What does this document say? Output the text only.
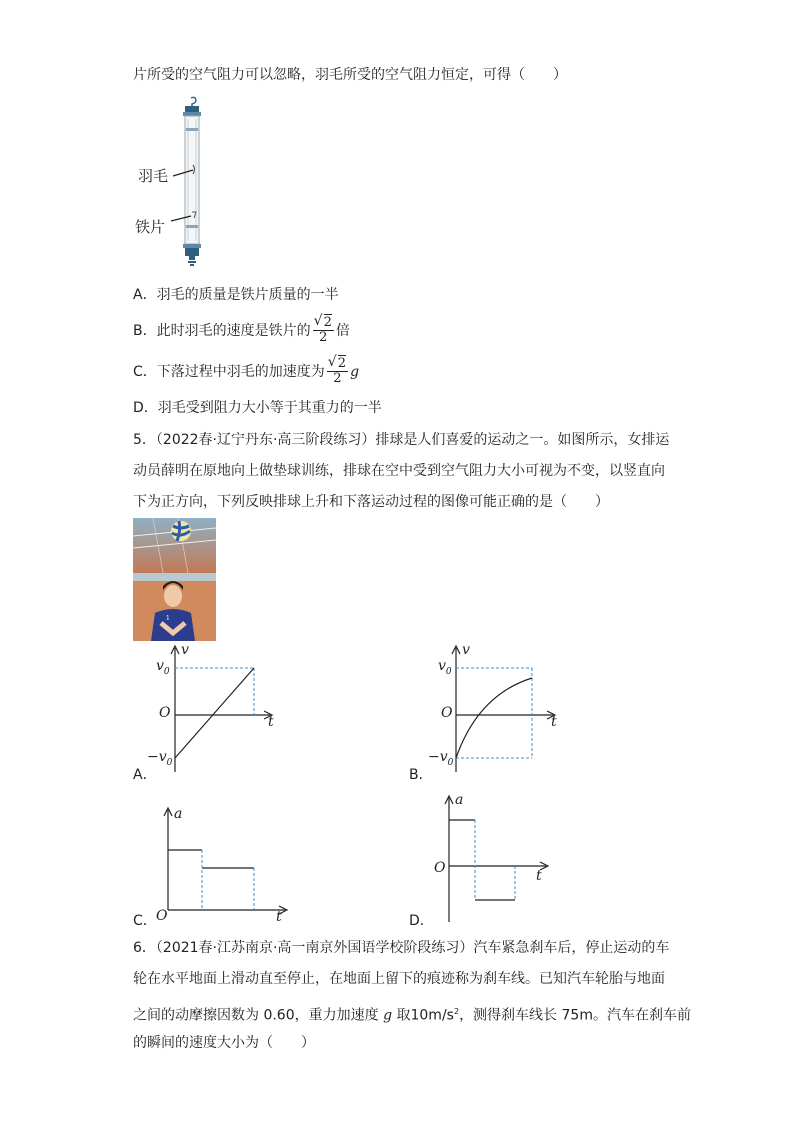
片所受的空气阻力可以忽略，羽毛所受的空气阻力恒定，可得（　　）
羽毛
铁片
A．羽毛的质量是铁片质量的一半
B．此时羽毛的速度是铁片的 √ $\frac{2}{2}$ 倍
C．下落过程中羽毛的加速度为 √ $\frac{2}{2}$ g
D．羽毛受到阻力大小等于其重力的一半
5．（2022春·辽宁丹东·高三阶段练习）排球是人们喜爱的运动之一。如图所示，女排运
动员薛明在原地向上做垫球训练，排球在空中受到空气阻力大小可视为不变，以竖直向
下为正方向，下列反映排球上升和下落运动过程的图像可能正确的是（　　）
1
v
$v_0$
O
t
$-v_0$
A．
v
$v_0$
O
t
$-v_0$
B．
a
O	t
C．
a
O	t
D．
6．（2021春·江苏南京·高一南京外国语学校阶段练习）汽车紧急刹车后，停止运动的车
轮在水平地面上滑动直至停止，在地面上留下的痕迹称为刹车线。已知汽车轮胎与地面
之间的动摩擦因数为 0.60，重力加速度 g 取$10m/s^2$，测得刹车线长 75m。汽车在刹车前
的瞬间的速度大小为（　　）
